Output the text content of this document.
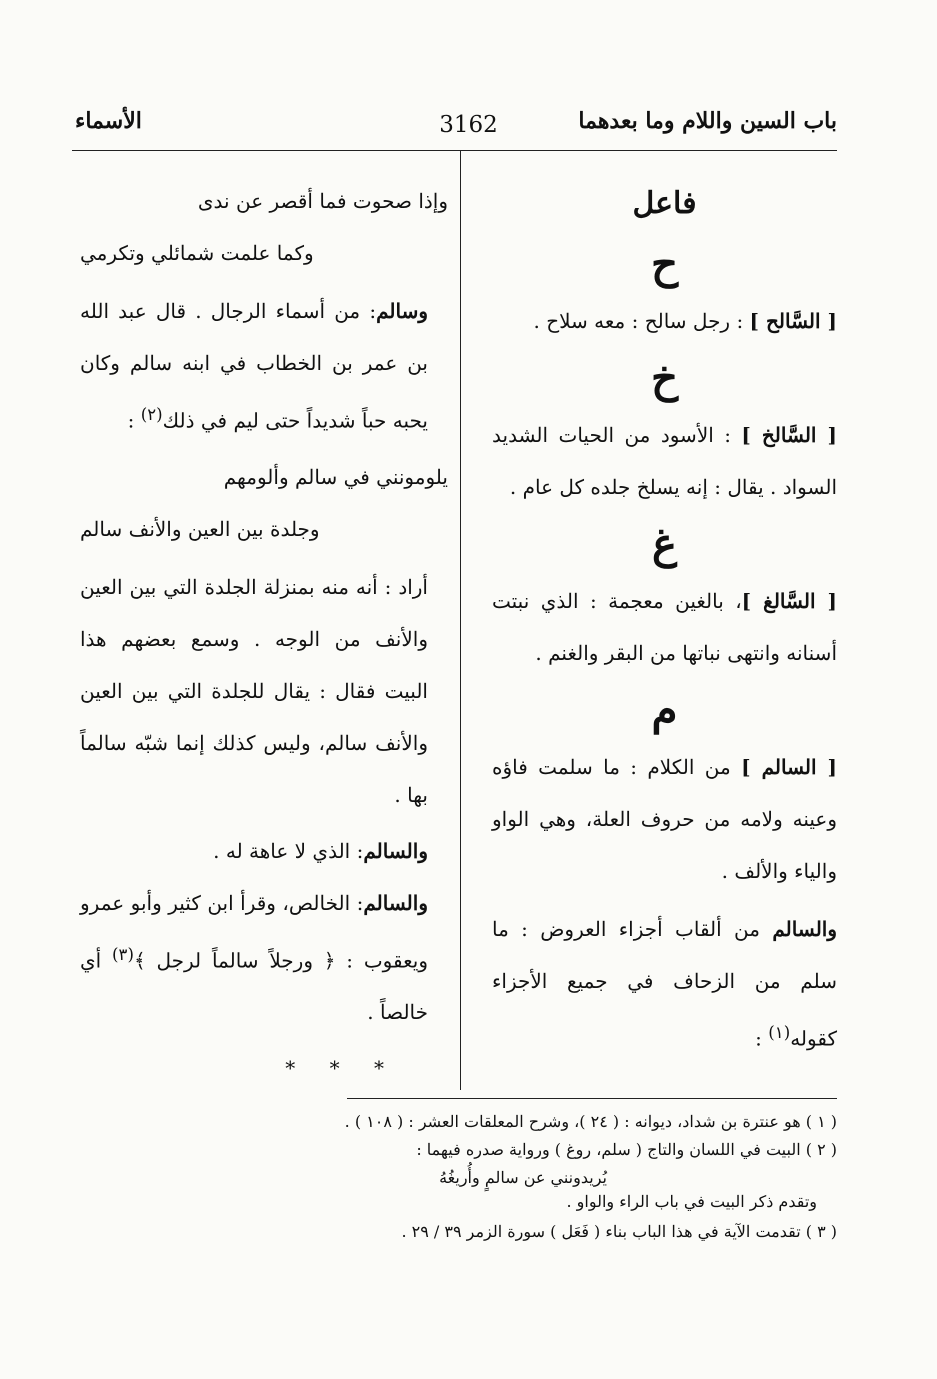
باب السين واللام وما بعدهما
3162
الأسماء

فاعل

ح

[ السَّالح ] : رجل سالح : معه سلاح .

خ

[ السَّالخ ] : الأسود من الحيات الشديد السواد . يقال : إنه يسلخ جلده كل عام .

غ

[ السَّالغ ]، بالغين معجمة : الذي نبتت أسنانه وانتهى نباتها من البقر والغنم .

م

[ السالم ] من الكلام : ما سلمت فاؤه وعينه ولامه من حروف العلة، وهي الواو والياء والألف .

والسالم من ألقاب أجزاء العروض : ما سلم من الزحاف في جميع الأجزاء كقوله$^{(١)}$ :

وإذا صحوت فما أقصر عن ندى

وكما علمت شمائلي وتكرمي

وسالم: من أسماء الرجال . قال عبد الله بن عمر بن الخطاب في ابنه سالم وكان يحبه حباً شديداً حتى ليم في ذلك$^{(٢)}$ :

يلومونني في سالم وألومهم

وجلدة بين العين والأنف سالم

أراد : أنه منه بمنزلة الجلدة التي بين العين والأنف من الوجه . وسمع بعضهم هذا البيت فقال : يقال للجلدة التي بين العين والأنف سالم، وليس كذلك إنما شبّه سالماً بها .

والسالم: الذي لا عاهة له .

والسالم: الخالص، وقرأ ابن كثير وأبو عمرو ويعقوب : ﴿ ورجلاً سالماً لرجل ﴾$^{(٣)}$ أي خالصاً .

* * *

( ١ ) هو عنترة بن شداد، ديوانه : ( ٢٤ )، وشرح المعلقات العشر : ( ١٠٨ ) .

( ٢ ) البيت في اللسان والتاج ( سلم، روغ ) ورواية صدره فيهما :

يُريدونني عن سالمٍ وأُريغُهُ

وتقدم ذكر البيت في باب الراء والواو .

( ٣ ) تقدمت الآية في هذا الباب بناء ( فَعَل ) سورة الزمر ٣٩ / ٢٩ .
